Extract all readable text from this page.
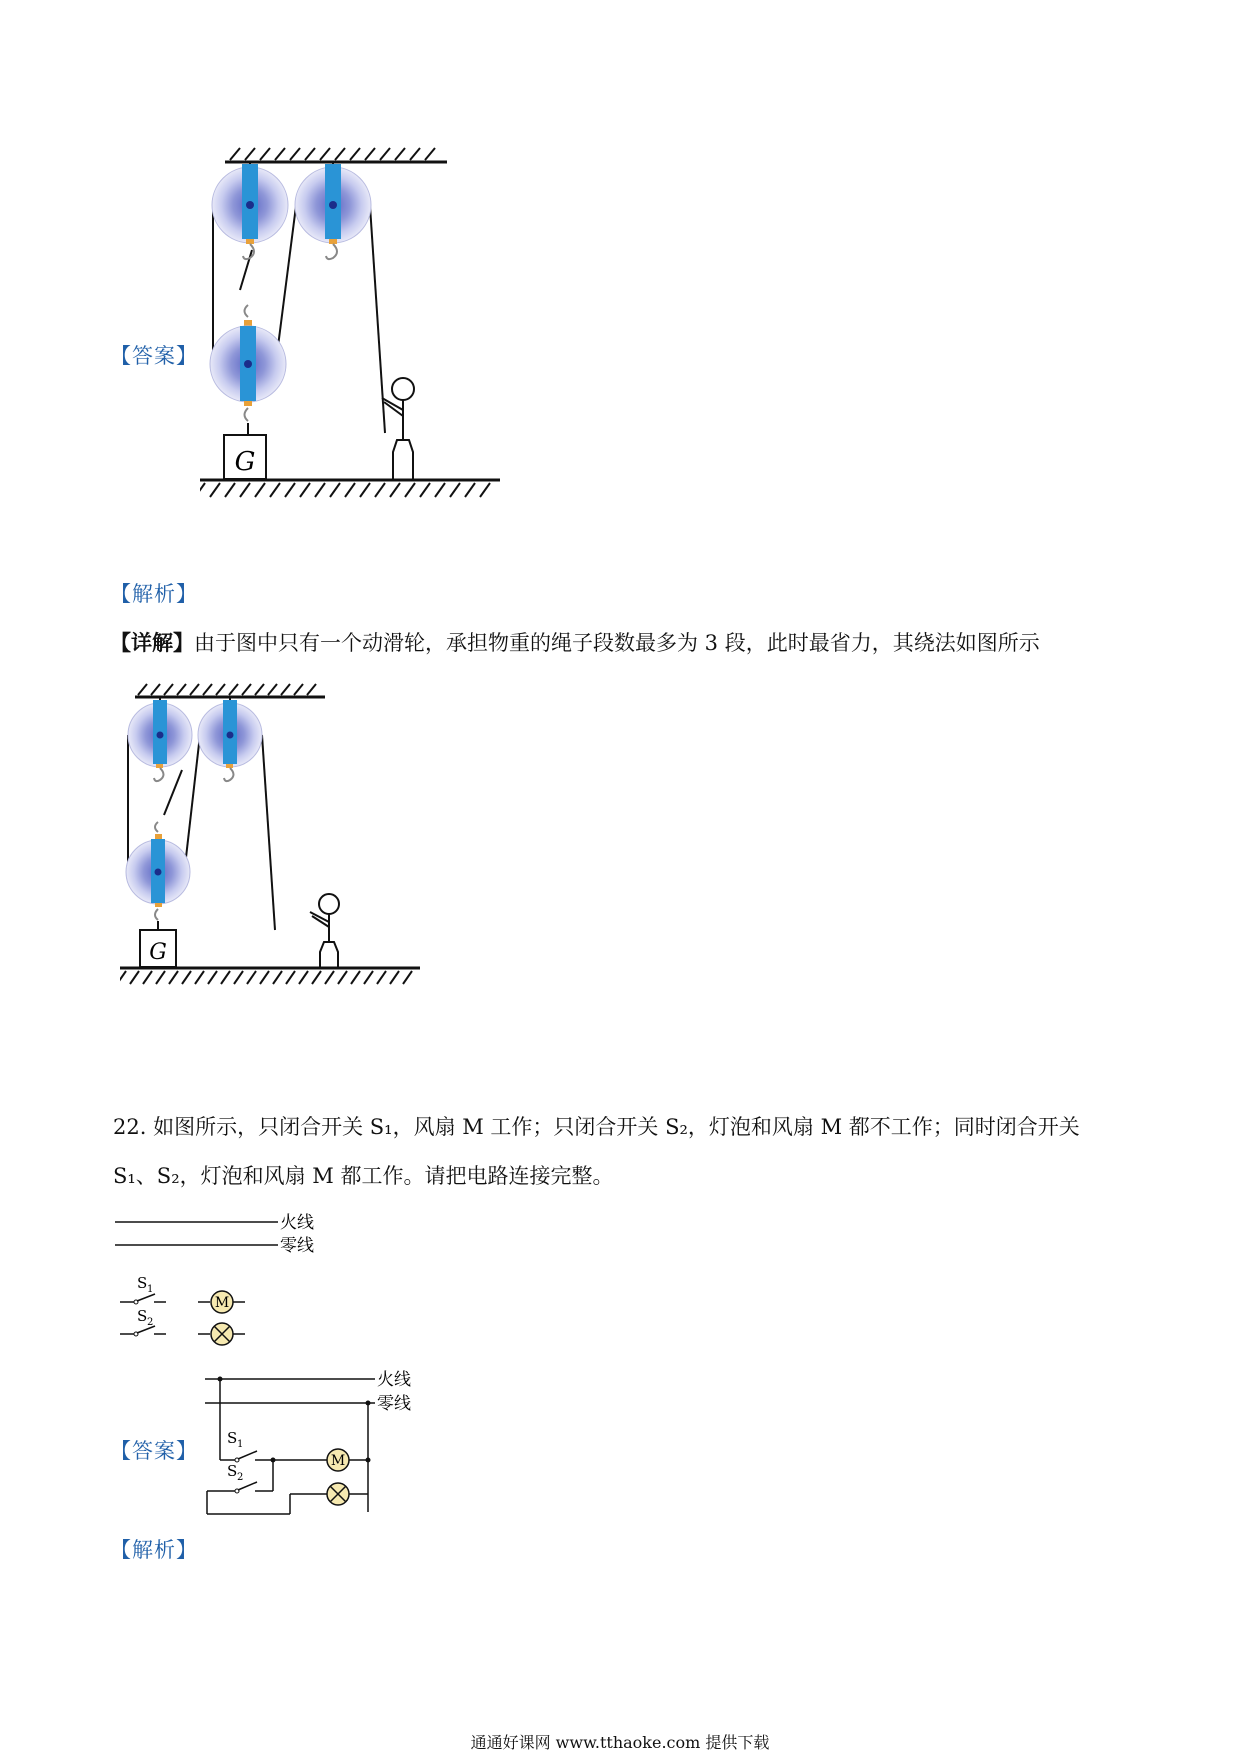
G
【答案】
【解析】
【详解】由于图中只有一个动滑轮，承担物重的绳子段数最多为 3 段，此时最省力，其绕法如图所示
G
22. 如图所示，只闭合开关 S₁，风扇 M 工作；只闭合开关 S₂，灯泡和风扇 M 都不工作；同时闭合开关
S₁、S₂，灯泡和风扇 M 都工作。请把电路连接完整。
火线
零线
S 1
M
S 2
【答案】
火线
零线
S 1
M
S 2
【解析】
通通好课网 www.tthaoke.com 提供下载
